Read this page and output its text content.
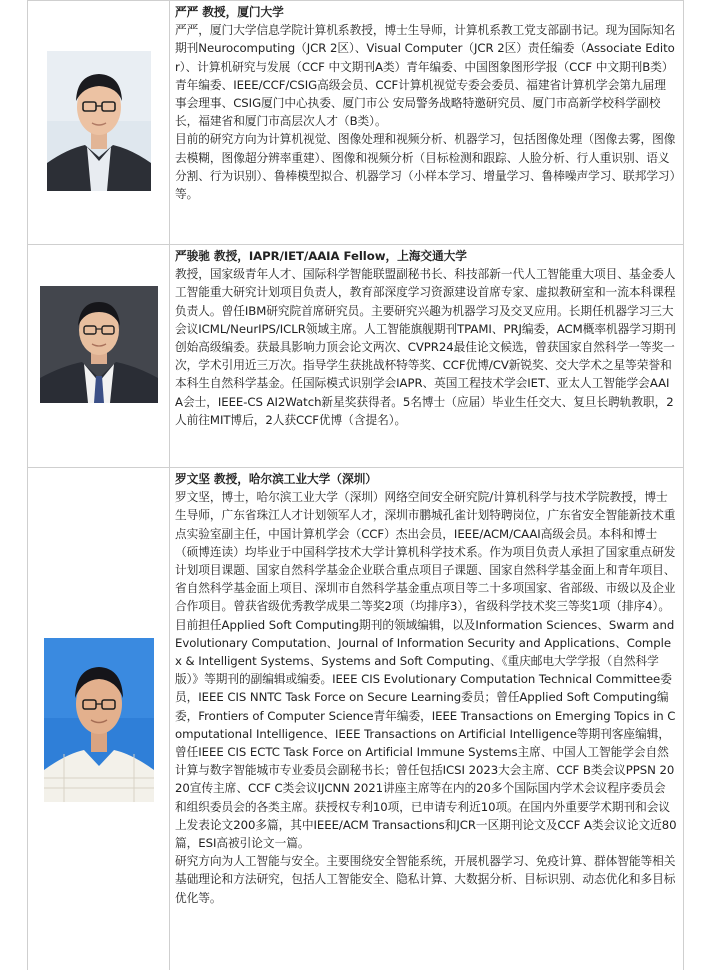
严严 教授，厦门大学
严严，厦门大学信息学院计算机系教授，博士生导师，计算机系教工党支部副书记。现为国际知名期刊Neurocomputing（JCR 2区）、Visual Computer（JCR 2区）责任编委（Associate Editor）、计算机研究与发展（CCF 中文期刊A类）青年编委、中国图象图形学报（CCF 中文期刊B类）青年编委、IEEE/CCF/CSIG高级会员、CCF计算机视觉专委会委员、福建省计算机学会第九届理事会理事、CSIG厦门中心执委、厦门市公 安局警务战略特邀研究员、厦门市高新学校科学副校长，福建省和厦门市高层次人才（B类）。
目前的研究方向为计算机视觉、图像处理和视频分析、机器学习，包括图像处理（图像去雾，图像去模糊，图像超分辨率重建）、图像和视频分析（目标检测和跟踪、人脸分析、行人重识别、语义分割、行为识别）、鲁棒模型拟合、机器学习（小样本学习、增量学习、鲁棒噪声学习、联邦学习）等。
严骏驰 教授，IAPR/IET/AAIA Fellow，上海交通大学
教授，国家级青年人才、国际科学智能联盟副秘书长、科技部新一代人工智能重大项目、基金委人工智能重大研究计划项目负责人，教育部深度学习资源建设首席专家、虚拟教研室和一流本科课程负责人。曾任IBM研究院首席研究员。主要研究兴趣为机器学习及交叉应用。长期任机器学习三大会议ICML/NeurIPS/ICLR领域主席。人工智能旗舰期刊TPAMI、PRJ编委，ACM概率机器学习期刊创始高级编委。获最具影响力顶会论文两次、CVPR24最佳论文候选，曾获国家自然科学一等奖一次，学术引用近三万次。指导学生获挑战杯特等奖、CCF优博/CV新锐奖、交大学术之星等荣誉和本科生自然科学基金。任国际模式识别学会IAPR、英国工程技术学会IET、亚太人工智能学会AAIA会士，IEEE-CS AI2Watch新星奖获得者。5名博士（应届）毕业生任交大、复旦长聘轨教职，2人前往MIT博后，2人获CCF优博（含提名）。
罗文坚 教授，哈尔滨工业大学（深圳）
罗文坚，博士，哈尔滨工业大学（深圳）网络空间安全研究院/计算机科学与技术学院教授，博士生导师，广东省珠江人才计划领军人才，深圳市鹏城孔雀计划特聘岗位，广东省安全智能新技术重点实验室副主任，中国计算机学会（CCF）杰出会员，IEEE/ACM/CAAI高级会员。本科和博士（硕博连读）均毕业于中国科学技术大学计算机科学技术系。作为项目负责人承担了国家重点研发计划项目课题、国家自然科学基金企业联合重点项目子课题、国家自然科学基金面上和青年项目、省自然科学基金面上项目、深圳市自然科学基金重点项目等二十多项国家、省部级、市级以及企业合作项目。曾获省级优秀教学成果二等奖2项（均排序3），省级科学技术奖三等奖1项（排序4）。目前担任Applied Soft Computing期刊的领域编辑，以及Information Sciences、Swarm and Evolutionary Computation、Journal of Information Security and Applications、Complex & Intelligent Systems、Systems and Soft Computing、《重庆邮电大学学报（自然科学版）》等期刊的副编辑或编委。IEEE CIS Evolutionary Computation Technical Committee委员，IEEE CIS NNTC Task Force on Secure Learning委员；曾任Applied Soft Computing编委，Frontiers of Computer Science青年编委，IEEE Transactions on Emerging Topics in Computational Intelligence、IEEE Transactions on Artificial Intelligence等期刊客座编辑，曾任IEEE CIS ECTC Task Force on Artificial Immune Systems主席、中国人工智能学会自然计算与数字智能城市专业委员会副秘书长；曾任包括ICSI 2023大会主席、CCF B类会议PPSN 2020宣传主席、CCF C类会议IJCNN 2021讲座主席等在内的20多个国际国内学术会议程序委员会和组织委员会的各类主席。获授权专利10项，已申请专利近10项。在国内外重要学术期刊和会议上发表论文200多篇，其中IEEE/ACM Transactions和JCR一区期刊论文及CCF A类会议论文近80篇，ESI高被引论文一篇。
研究方向为人工智能与安全。主要围绕安全智能系统，开展机器学习、免疫计算、群体智能等相关基础理论和方法研究，包括人工智能安全、隐私计算、大数据分析、目标识别、动态优化和多目标优化等。
